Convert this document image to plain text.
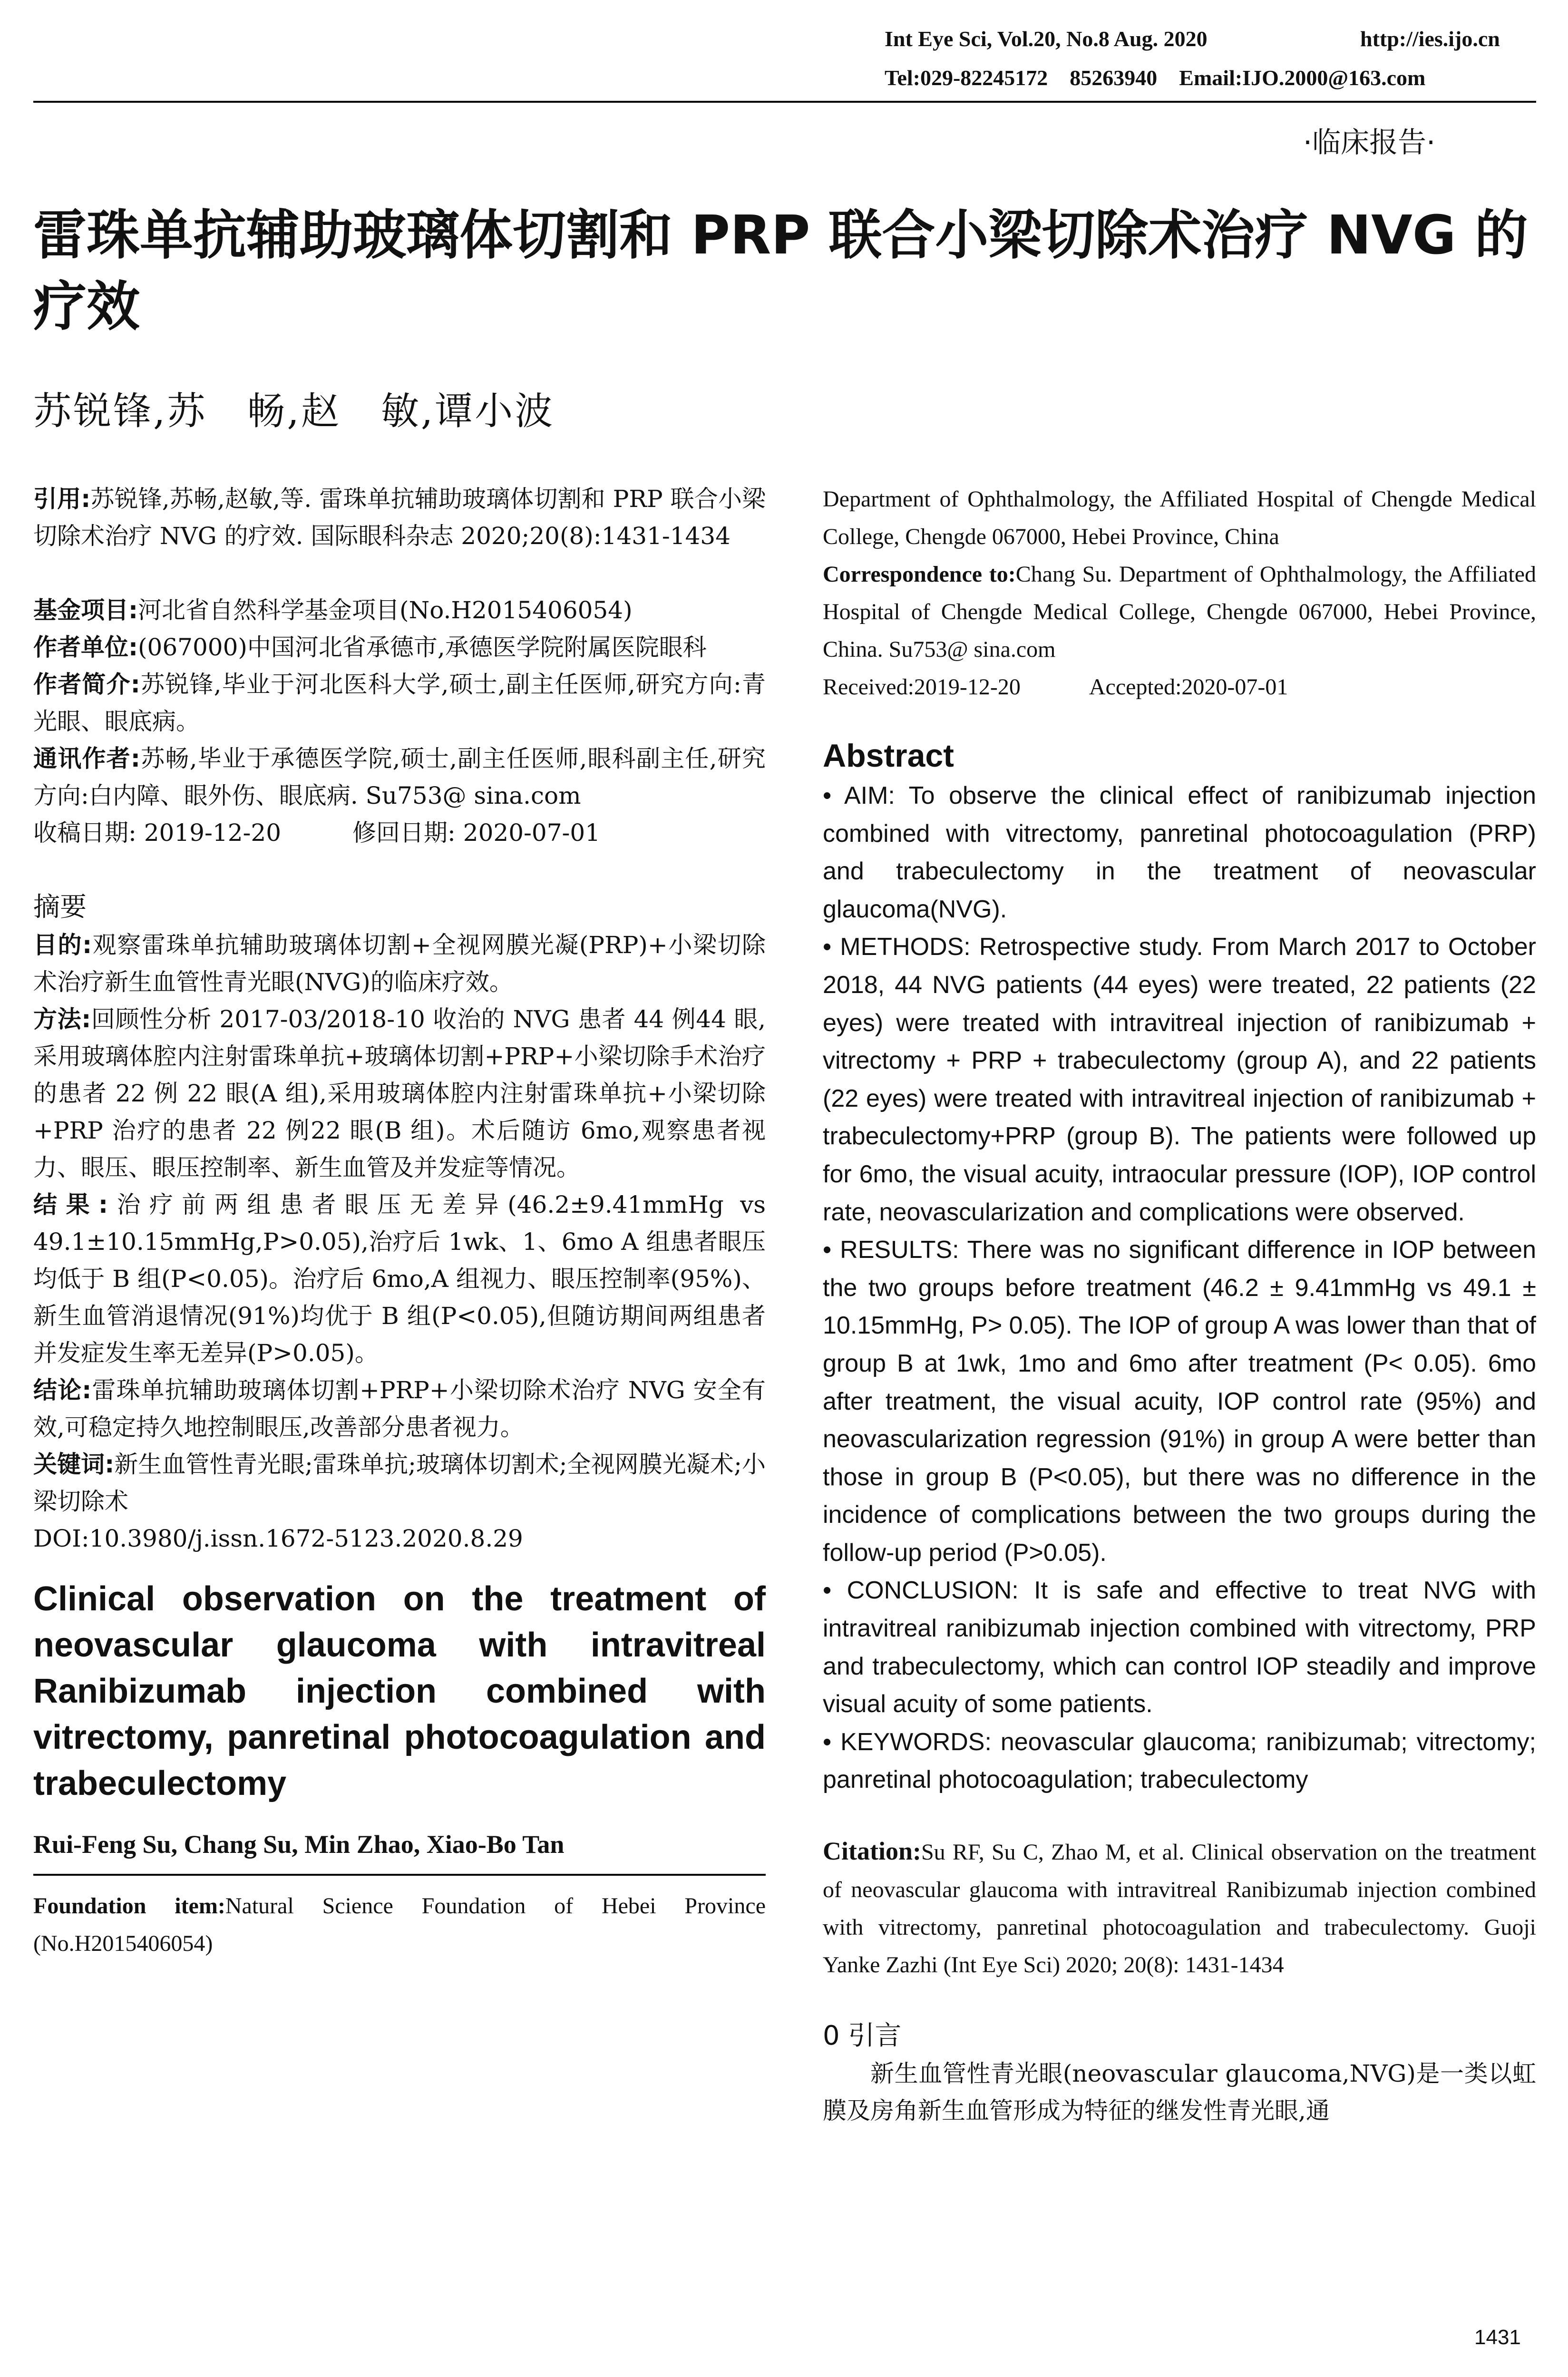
Int Eye Sci, Vol.20, No.8 Aug. 2020	http://ies.ijo.cn
Tel:029-82245172    85263940    Email:IJO.2000@163.com
·临床报告·
雷珠单抗辅助玻璃体切割和 PRP 联合小梁切除术治疗 NVG 的疗效
苏锐锋,苏　畅,赵　敏,谭小波

引用:苏锐锋,苏畅,赵敏,等. 雷珠单抗辅助玻璃体切割和 PRP 联合小梁切除术治疗 NVG 的疗效. 国际眼科杂志 2020;20(8):1431-1434

基金项目:河北省自然科学基金项目(No.H2015406054)

作者单位:(067000)中国河北省承德市,承德医学院附属医院眼科

作者简介:苏锐锋,毕业于河北医科大学,硕士,副主任医师,研究方向:青光眼、眼底病。

通讯作者:苏畅,毕业于承德医学院,硕士,副主任医师,眼科副主任,研究方向:白内障、眼外伤、眼底病. Su753@ sina.com

收稿日期: 2019-12-20　　　修回日期: 2020-07-01

摘要

目的:观察雷珠单抗辅助玻璃体切割+全视网膜光凝(PRP)+小梁切除术治疗新生血管性青光眼(NVG)的临床疗效。

方法:回顾性分析 2017-03/2018-10 收治的 NVG 患者 44 例44 眼,采用玻璃体腔内注射雷珠单抗+玻璃体切割+PRP+小梁切除手术治疗的患者 22 例 22 眼(A 组),采用玻璃体腔内注射雷珠单抗+小梁切除+PRP 治疗的患者 22 例22 眼(B 组)。术后随访 6mo,观察患者视力、眼压、眼压控制率、新生血管及并发症等情况。

结果:治疗前两组患者眼压无差异(46.2±9.41mmHg vs 49.1±10.15mmHg,P>0.05),治疗后 1wk、1、6mo A 组患者眼压均低于 B 组(P<0.05)。治疗后 6mo,A 组视力、眼压控制率(95%)、新生血管消退情况(91%)均优于 B 组(P<0.05),但随访期间两组患者并发症发生率无差异(P>0.05)。

结论:雷珠单抗辅助玻璃体切割+PRP+小梁切除术治疗 NVG 安全有效,可稳定持久地控制眼压,改善部分患者视力。

关键词:新生血管性青光眼;雷珠单抗;玻璃体切割术;全视网膜光凝术;小梁切除术

DOI:10.3980/j.issn.1672-5123.2020.8.29

Clinical observation on the treatment of neovascular glaucoma with intravitreal Ranibizumab injection combined with vitrectomy, panretinal photocoagulation and trabeculectomy

Rui-Feng Su, Chang Su, Min Zhao, Xiao-Bo Tan

Foundation item:Natural Science Foundation of Hebei Province (No.H2015406054)

Department of Ophthalmology, the Affiliated Hospital of Chengde Medical College, Chengde 067000, Hebei Province, China

Correspondence to:Chang Su. Department of Ophthalmology, the Affiliated Hospital of Chengde Medical College, Chengde 067000, Hebei Province, China. Su753@ sina.com

Received:2019-12-20　　　Accepted:2020-07-01

Abstract

• AIM: To observe the clinical effect of ranibizumab injection combined with vitrectomy, panretinal photocoagulation (PRP) and trabeculectomy in the treatment of neovascular glaucoma(NVG).

• METHODS: Retrospective study. From March 2017 to October 2018, 44 NVG patients (44 eyes) were treated, 22 patients (22 eyes) were treated with intravitreal injection of ranibizumab + vitrectomy + PRP + trabeculectomy (group A), and 22 patients (22 eyes) were treated with intravitreal injection of ranibizumab + trabeculectomy+PRP (group B). The patients were followed up for 6mo, the visual acuity, intraocular pressure (IOP), IOP control rate, neovascularization and complications were observed.

• RESULTS: There was no significant difference in IOP between the two groups before treatment (46.2 ± 9.41mmHg vs 49.1 ± 10.15mmHg, P> 0.05). The IOP of group A was lower than that of group B at 1wk, 1mo and 6mo after treatment (P< 0.05). 6mo after treatment, the visual acuity, IOP control rate (95%) and neovascularization regression (91%) in group A were better than those in group B (P<0.05), but there was no difference in the incidence of complications between the two groups during the follow-up period (P>0.05).

• CONCLUSION: It is safe and effective to treat NVG with intravitreal ranibizumab injection combined with vitrectomy, PRP and trabeculectomy, which can control IOP steadily and improve visual acuity of some patients.

• KEYWORDS: neovascular glaucoma; ranibizumab; vitrectomy; panretinal photocoagulation; trabeculectomy

Citation:Su RF, Su C, Zhao M, et al. Clinical observation on the treatment of neovascular glaucoma with intravitreal Ranibizumab injection combined with vitrectomy, panretinal photocoagulation and trabeculectomy. Guoji Yanke Zazhi (Int Eye Sci) 2020; 20(8): 1431-1434

0 引言

新生血管性青光眼(neovascular glaucoma,NVG)是一类以虹膜及房角新生血管形成为特征的继发性青光眼,通

1431
